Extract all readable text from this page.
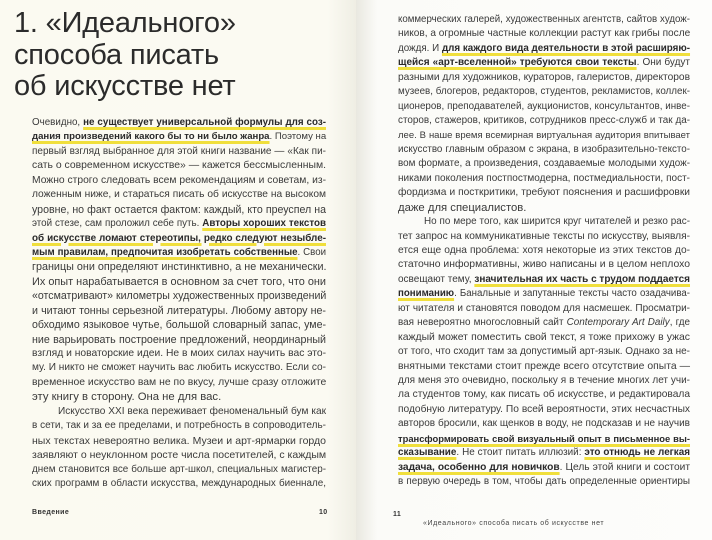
1. «Идеального»
способа писать
об искусстве нет
Очевидно, не существует универсальной формулы для соз-
дания произведений какого бы то ни было жанра. Поэтому на
первый взгляд выбранное для этой книги название — «Как пи-
сать о современном искусстве» — кажется бессмысленным.
Можно строго следовать всем рекомендациям и советам, из-
ложенным ниже, и стараться писать об искусстве на высоком
уровне, но факт остается фактом: каждый, кто преуспел на
этой стезе, сам проложил себе путь. Авторы хороших текстов
об искусстве ломают стереотипы, редко следуют незыбле-
мым правилам, предпочитая изобретать собственные. Свои
границы они определяют инстинктивно, а не механически.
Их опыт нарабатывается в основном за счет того, что они
«отсматривают» километры художественных произведений
и читают тонны серьезной литературы. Любому автору не-
обходимо языковое чутье, большой словарный запас, уме-
ние варьировать построение предложений, неординарный
взгляд и новаторские идеи. Не в моих силах научить вас это-
му. И никто не сможет научить вас любить искусство. Если со-
временное искусство вам не по вкусу, лучше сразу отложите
эту книгу в сторону. Она не для вас.
Искусство XXI века переживает феноменальный бум как
в сети, так и за ее пределами, и потребность в сопроводитель-
ных текстах невероятно велика. Музеи и арт-ярмарки гордо
заявляют о неуклонном росте числа посетителей, с каждым
днем становится все больше арт-школ, специальных магистер-
ских программ в области искусства, международных биеннале,
Введение	10
коммерческих галерей, художественных агентств, сайтов худож-
ников, а огромные частные коллекции растут как грибы после
дождя. И для каждого вида деятельности в этой расширяю-
щейся «арт-вселенной» требуются свои тексты. Они будут
разными для художников, кураторов, галеристов, директоров
музеев, блогеров, редакторов, студентов, рекламистов, коллек-
ционеров, преподавателей, аукционистов, консультантов, инве-
сторов, стажеров, критиков, сотрудников пресс-служб и так да-
лее. В наше время всемирная виртуальная аудитория впитывает
искусство главным образом с экрана, в изобразительно-тексто-
вом формате, а произведения, создаваемые молодыми худож-
никами поколения постпостмодерна, постмедиальности, пост-
фордизма и посткритики, требуют пояснения и расшифровки
даже для специалистов.
Но по мере того, как ширится круг читателей и резко рас-
тет запрос на коммуникативные тексты по искусству, выявля-
ется еще одна проблема: хотя некоторые из этих текстов до-
статочно информативны, живо написаны и в целом неплохо
освещают тему, значительная их часть с трудом поддается
пониманию. Банальные и запутанные тексты часто озадачива-
ют читателя и становятся поводом для насмешек. Просматри-
вая невероятно многословный сайт Contemporary Art Daily, где
каждый может поместить свой текст, я тоже прихожу в ужас
от того, что сходит там за допустимый арт-язык. Однако за не-
внятными текстами стоит прежде всего отсутствие опыта —
для меня это очевидно, поскольку я в течение многих лет учи-
ла студентов тому, как писать об искусстве, и редактировала
подобную литературу. По всей вероятности, этих несчастных
авторов бросили, как щенков в воду, не подсказав и не научив
трансформировать свой визуальный опыт в письменное вы-
сказывание. Не стоит питать иллюзий: это отнюдь не легкая
задача, особенно для новичков. Цель этой книги и состоит
в первую очередь в том, чтобы дать определенные ориентиры
11
«Идеального» способа писать об искусстве нет
